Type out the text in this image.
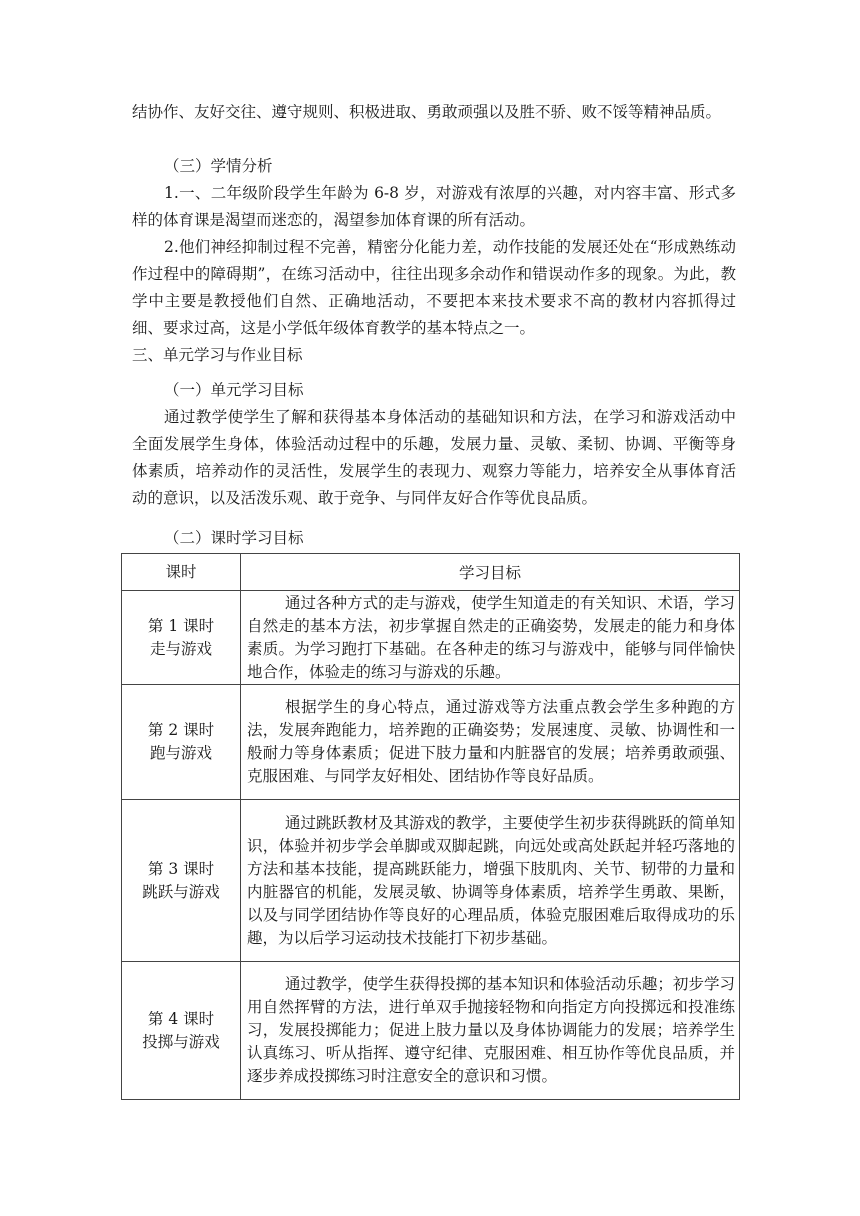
结协作、友好交往、遵守规则、积极进取、勇敢顽强以及胜不骄、败不馁等精神品质。

（三）学情分析

1.一、二年级阶段学生年龄为 6-8 岁，对游戏有浓厚的兴趣，对内容丰富、形式多样的体育课是渴望而迷恋的，渴望参加体育课的所有活动。

2.他们神经抑制过程不完善，精密分化能力差，动作技能的发展还处在“形成熟练动作过程中的障碍期”，在练习活动中，往往出现多余动作和错误动作多的现象。为此，教学中主要是教授他们自然、正确地活动，不要把本来技术要求不高的教材内容抓得过细、要求过高，这是小学低年级体育教学的基本特点之一。

三、单元学习与作业目标

（一）单元学习目标

通过教学使学生了解和获得基本身体活动的基础知识和方法，在学习和游戏活动中全面发展学生身体，体验活动过程中的乐趣，发展力量、灵敏、柔韧、协调、平衡等身体素质，培养动作的灵活性，发展学生的表现力、观察力等能力，培养安全从事体育活动的意识，以及活泼乐观、敢于竞争、与同伴友好合作等优良品质。

（二）课时学习目标

课时	学习目标

第 1 课时
走与游戏	通过各种方式的走与游戏，使学生知道走的有关知识、术语，学习自然走的基本方法，初步掌握自然走的正确姿势，发展走的能力和身体素质。为学习跑打下基础。在各种走的练习与游戏中，能够与同伴愉快地合作，体验走的练习与游戏的乐趣。

第 2 课时
跑与游戏	根据学生的身心特点，通过游戏等方法重点教会学生多种跑的方法，发展奔跑能力，培养跑的正确姿势；发展速度、灵敏、协调性和一般耐力等身体素质；促进下肢力量和内脏器官的发展；培养勇敢顽强、克服困难、与同学友好相处、团结协作等良好品质。

第 3 课时
跳跃与游戏	通过跳跃教材及其游戏的教学，主要使学生初步获得跳跃的简单知识，体验并初步学会单脚或双脚起跳，向远处或高处跃起并轻巧落地的方法和基本技能，提高跳跃能力，增强下肢肌肉、关节、韧带的力量和内脏器官的机能，发展灵敏、协调等身体素质，培养学生勇敢、果断，以及与同学团结协作等良好的心理品质，体验克服困难后取得成功的乐趣，为以后学习运动技术技能打下初步基础。

第 4 课时
投掷与游戏	通过教学，使学生获得投掷的基本知识和体验活动乐趣；初步学习用自然挥臂的方法，进行单双手抛接轻物和向指定方向投掷远和投准练习，发展投掷能力；促进上肢力量以及身体协调能力的发展；培养学生认真练习、听从指挥、遵守纪律、克服困难、相互协作等优良品质，并逐步养成投掷练习时注意安全的意识和习惯。
